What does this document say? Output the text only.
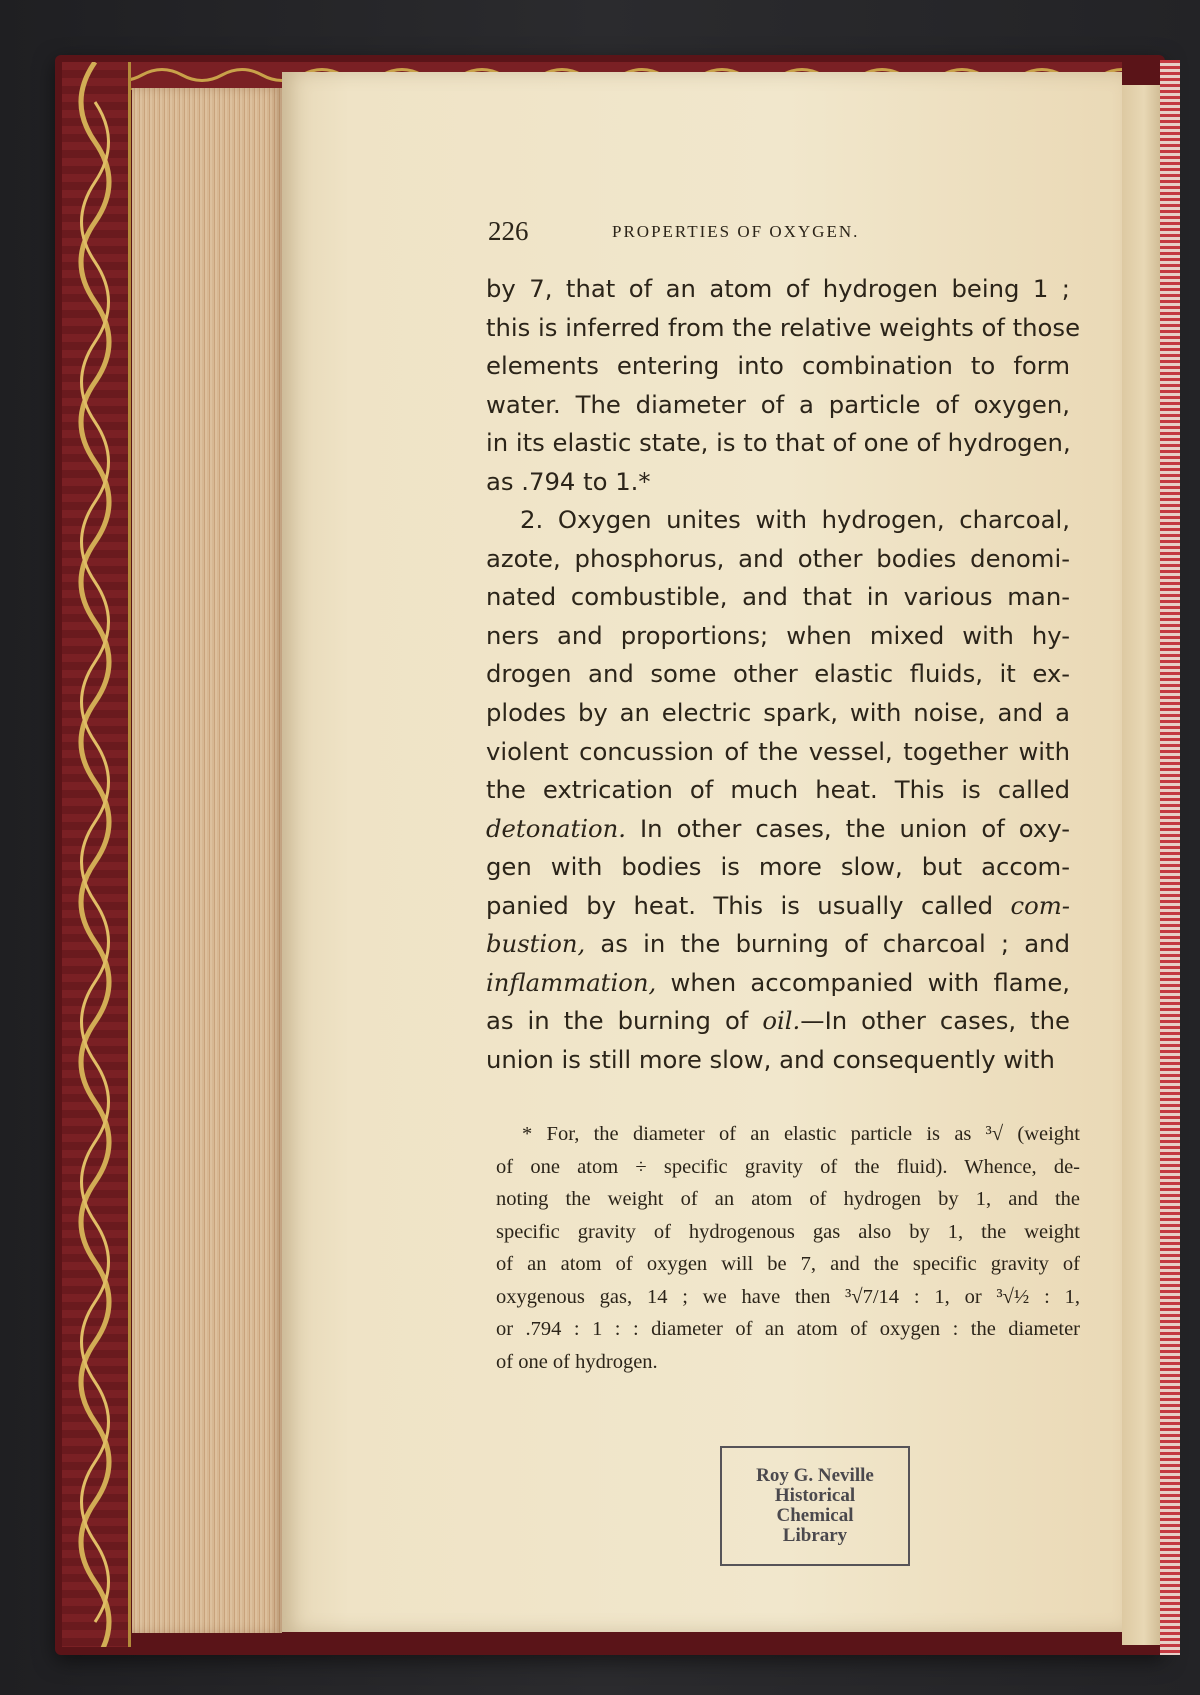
226	PROPERTIES OF OXYGEN.
by 7, that of an atom of hydrogen being 1 ;
this is inferred from the relative weights of those
elements entering into combination to form
water. The diameter of a particle of oxygen,
in its elastic state, is to that of one of hydrogen,
as .794 to 1.*
2. Oxygen unites with hydrogen, charcoal,
azote, phosphorus, and other bodies denomi-
nated combustible, and that in various man-
ners and proportions; when mixed with hy-
drogen and some other elastic fluids, it ex-
plodes by an electric spark, with noise, and a
violent concussion of the vessel, together with
the extrication of much heat. This is called
detonation. In other cases, the union of oxy-
gen with bodies is more slow, but accom-
panied by heat. This is usually called com-
bustion, as in the burning of charcoal ; and
inflammation, when accompanied with flame,
as in the burning of oil.—In other cases, the
union is still more slow, and consequently with
* For, the diameter of an elastic particle is as ³√ (weight
of one atom ÷ specific gravity of the fluid). Whence, de-
noting the weight of an atom of hydrogen by 1, and the
specific gravity of hydrogenous gas also by 1, the weight
of an atom of oxygen will be 7, and the specific gravity of
oxygenous gas, 14 ; we have then ³√7/14 : 1, or ³√½ : 1,
or .794 : 1 : : diameter of an atom of oxygen : the diameter
of one of hydrogen.
Roy G. Neville
Historical
Chemical
Library
